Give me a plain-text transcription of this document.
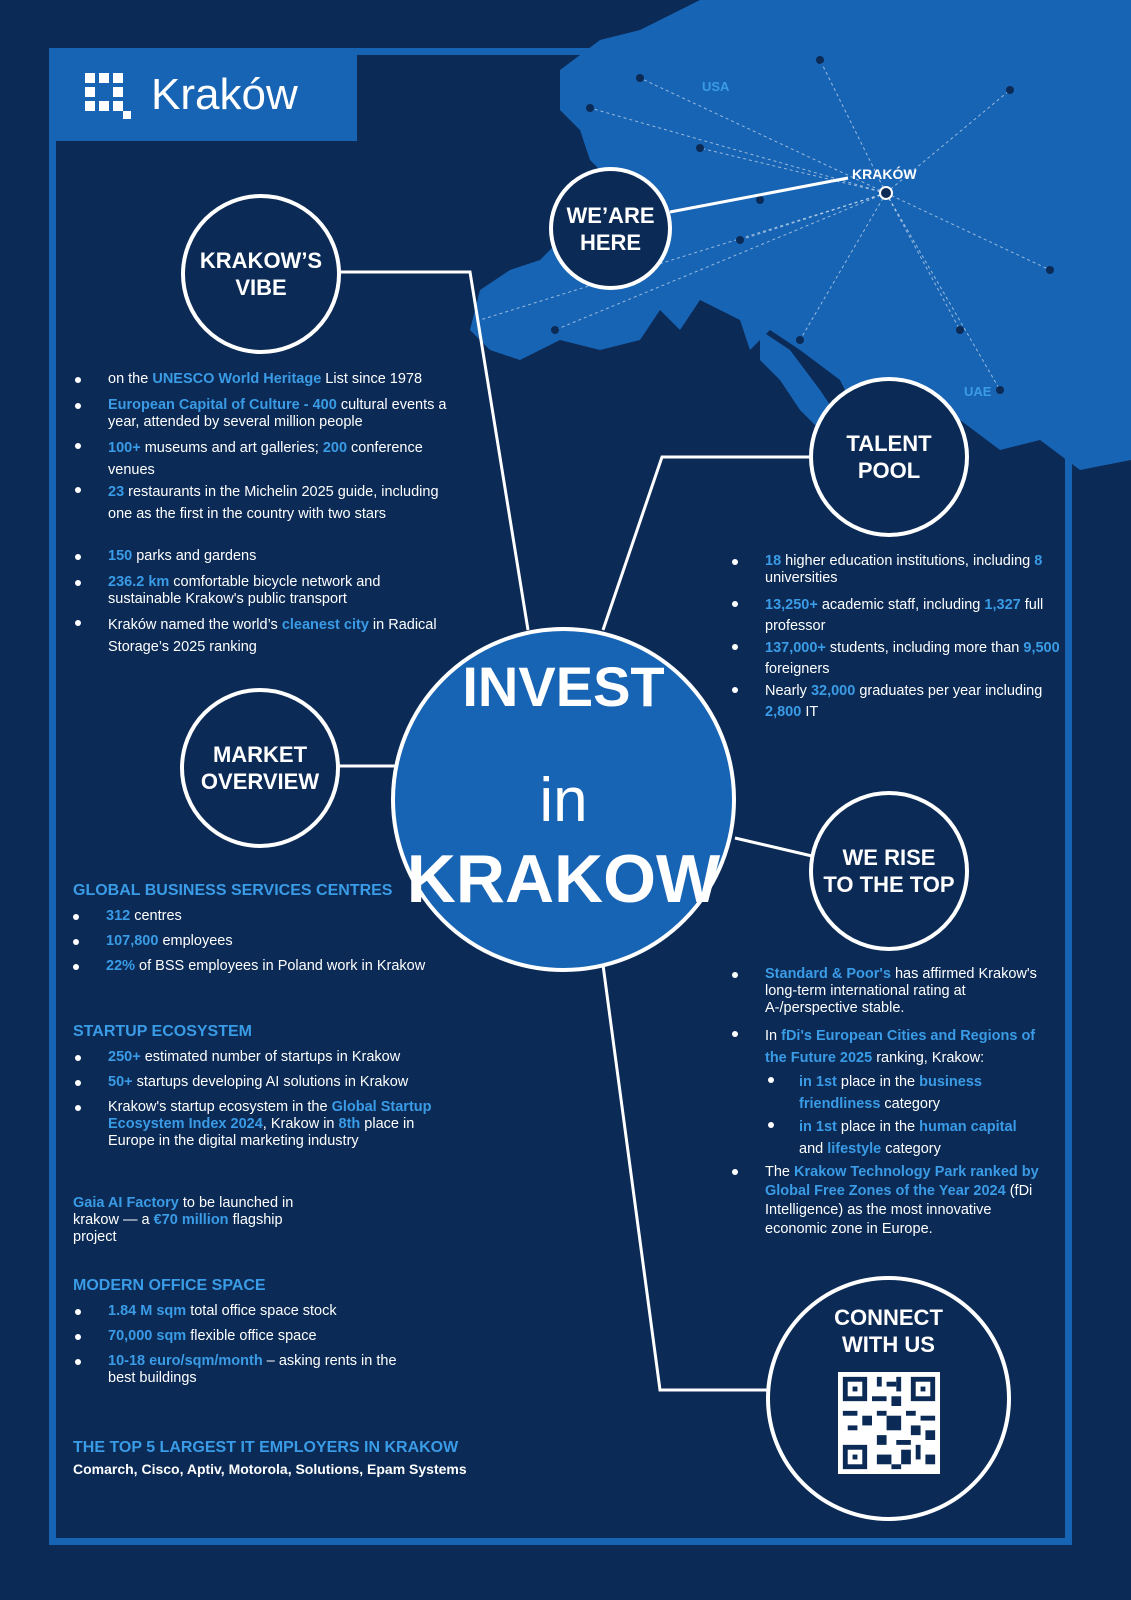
USA
UAE
KRAKÓW
Kraków
WE’ARE
HERE
KRAKOW’S
VIBE
TALENT
POOL
MARKET
OVERVIEW
WE RISE
TO THE TOP
CONNECT
WITH US
INVEST
in
KRAKOW
on the UNESCO World Heritage List since 1978
European Capital of Culture - 400 cultural events a year, attended by several million people
100+ museums and art galleries; 200 conference venues
23 restaurants in the Michelin 2025 guide, including one as the first in the country with two stars
150 parks and gardens
236.2 km comfortable bicycle network and sustainable Krakow's public transport
Kraków named the world’s cleanest city in Radical Storage’s 2025 ranking
18 higher education institutions, including 8 universities
13,250+ academic staff, including 1,327 full professor
137,000+ students, including more than 9,500 foreigners
Nearly 32,000 graduates per year including 2,800 IT
GLOBAL BUSINESS SERVICES CENTRES
312 centres
107,800 employees
22% of BSS employees in Poland work in Krakow
STARTUP ECOSYSTEM
250+ estimated number of startups in Krakow
50+ startups developing AI solutions in Krakow
Krakow's startup ecosystem in the Global Startup Ecosystem Index 2024, Krakow in 8th place in Europe in the digital marketing industry
Gaia AI Factory to be launched in krakow — a €70 million flagship project
MODERN OFFICE SPACE
1.84 M sqm total office space stock
70,000 sqm flexible office space
10-18 euro/sqm/month – asking rents in the best buildings
THE TOP 5 LARGEST IT EMPLOYERS IN KRAKOW
Comarch, Cisco, Aptiv, Motorola, Solutions, Epam Systems
Standard & Poor's has affirmed Krakow's long-term international rating at A-/perspective stable.
In fDi's European Cities and Regions of the Future 2025 ranking, Krakow:
in 1st place in the business friendliness category
in 1st place in the human capital and lifestyle category
The Krakow Technology Park ranked by Global Free Zones of the Year 2024 (fDi Intelligence) as the most innovative economic zone in Europe.
